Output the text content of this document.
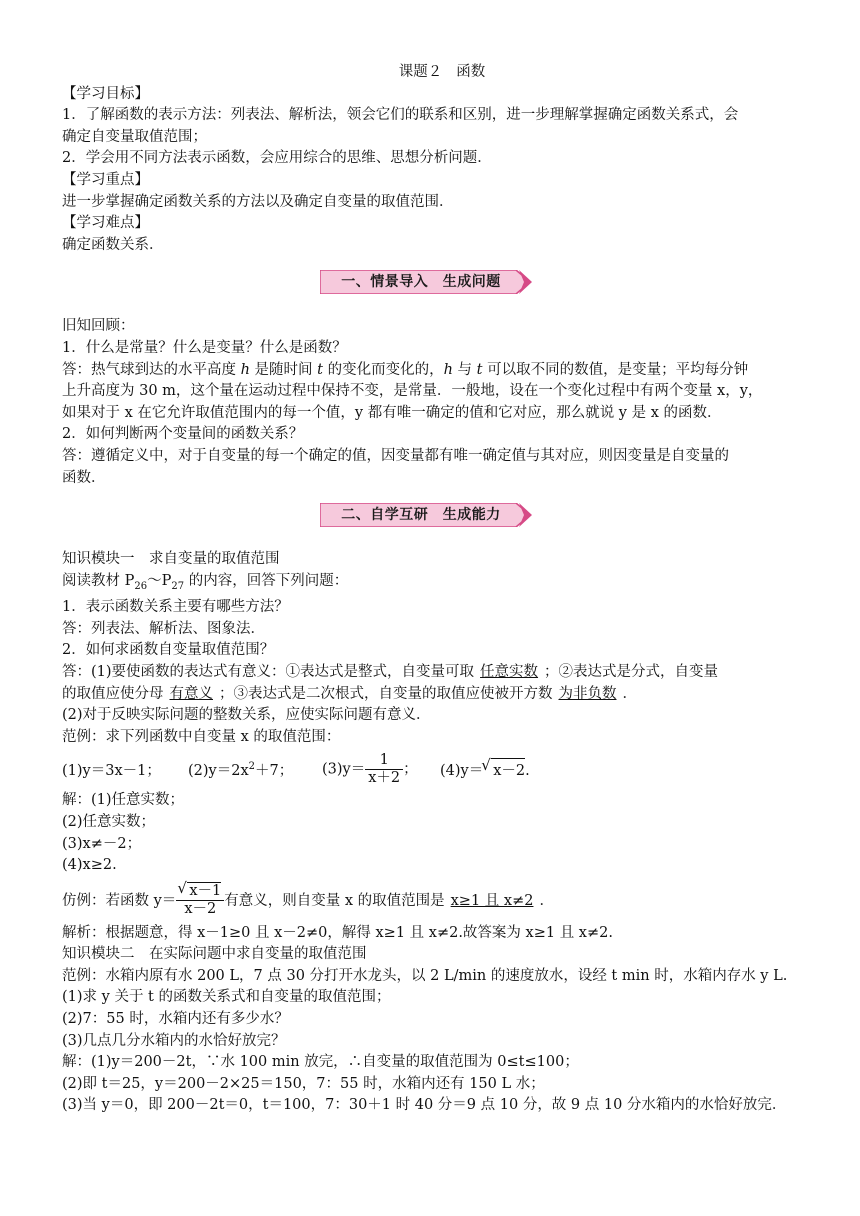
课题２ 函数
【学习目标】
1．了解函数的表示方法：列表法、解析法，领会它们的联系和区别，进一步理解掌握确定函数关系式，会
确定自变量取值范围；
2．学会用不同方法表示函数，会应用综合的思维、思想分析问题．
【学习重点】
进一步掌握确定函数关系的方法以及确定自变量的取值范围．
【学习难点】
确定函数关系．
一、情景导入　生成问题
旧知回顾：
1．什么是常量？什么是变量？什么是函数？
答：热气球到达的水平高度 h 是随时间 t 的变化而变化的，h 与 t 可以取不同的数值，是变量；平均每分钟
上升高度为 30 m，这个量在运动过程中保持不变，是常量．一般地，设在一个变化过程中有两个变量 x，y，
如果对于 x 在它允许取值范围内的每一个值，y 都有唯一确定的值和它对应，那么就说 y 是 x 的函数．
2．如何判断两个变量间的函数关系？
答：遵循定义中，对于自变量的每一个确定的值，因变量都有唯一确定值与其对应，则因变量是自变量的
函数．
二、自学互研　生成能力
知识模块一　求自变量的取值范围
阅读教材 $P_{26}\sim P_{27}$ 的内容，回答下列问题：
1．表示函数关系主要有哪些方法？
答：列表法、解析法、图象法．
2．如何求函数自变量取值范围？
答：(1)要使函数的表达式有意义：①表达式是整式，自变量可取 任意实数 ；②表达式是分式，自变量
的取值应使分母 有意义 ；③表达式是二次根式，自变量的取值应使被开方数 为非负数 ．
(2)对于反映实际问题的整数关系，应使实际问题有意义．
范例：求下列函数中自变量 x 的取值范围：
(1)y＝3x－1；	$(2)y=2x^2+7$；	$(3)y= \frac{1}{x+2}$ ；	(4)y＝ √ x－2.
解：(1)任意实数；
(2)任意实数；
(3)x≠－2；
(4)x≥2.
仿例：若函数 y＝ √ $\frac{x-1}{x-2}$ 有意义，则自变量 x 的取值范围是 x≥1 且 x≠2 ．
解析：根据题意，得 x－1≥0 且 x－2≠0，解得 x≥1 且 x≠2.故答案为 x≥1 且 x≠2.
知识模块二　在实际问题中求自变量的取值范围
范例：水箱内原有水 200 L，7 点 30 分打开水龙头，以 2 L/min 的速度放水，设经 t min 时，水箱内存水 y L.
(1)求 y 关于 t 的函数关系式和自变量的取值范围；
(2)7：55 时，水箱内还有多少水？
(3)几点几分水箱内的水恰好放完？
解：(1)y＝200－2t，∵水 100 min 放完，∴自变量的取值范围为 0≤t≤100；
(2)即 t＝25，y＝200－2×25＝150，7：55 时，水箱内还有 150 L 水；
(3)当 y＝0，即 200－2t＝0，t＝100，7：30＋1 时 40 分＝9 点 10 分，故 9 点 10 分水箱内的水恰好放完．
